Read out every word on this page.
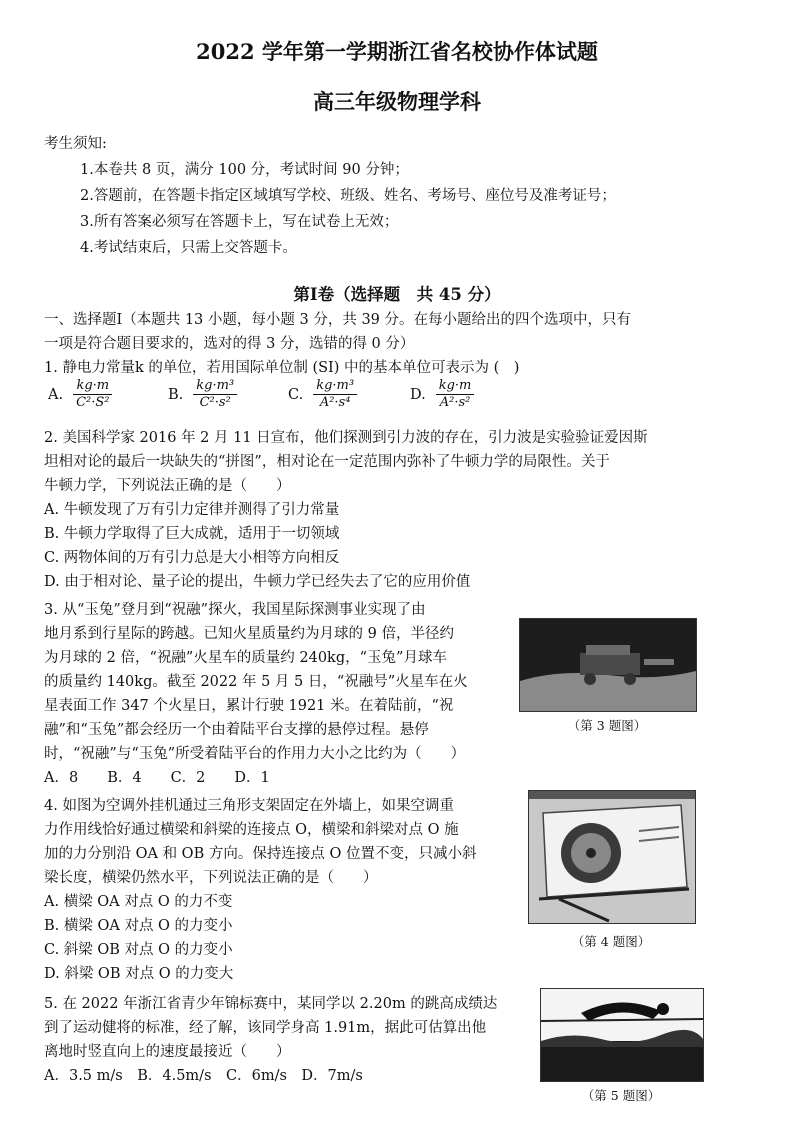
2022 学年第一学期浙江省名校协作体试题
高三年级物理学科
考生须知:
1.本卷共 8 页，满分 100 分，考试时间 90 分钟；
2.答题前，在答题卡指定区域填写学校、班级、姓名、考场号、座位号及准考证号；
3.所有答案必须写在答题卡上，写在试卷上无效；
4.考试结束后，只需上交答题卡。
第Ⅰ卷（选择题　共 45 分）
一、选择题Ⅰ（本题共 13 小题，每小题 3 分，共 39 分。在每小题给出的四个选项中，只有
一项是符合题目要求的，选对的得 3 分，选错的得 0 分）
1. 静电力常量k 的单位，若用国际单位制 (SI) 中的基本单位可表示为 (　)
A. $\frac{kg\cdot m}{\text{C²·S²}}$	B. $\frac{\text{kg·m³}}{\text{C²·s²}}$	C. $\frac{\text{kg·m³}}{\text{A²·s⁴}}$	D. $\frac{kg\cdot m}{\text{A²·s²}}$
2. 美国科学家 2016 年 2 月 11 日宣布，他们探测到引力波的存在，引力波是实验验证爱因斯
坦相对论的最后一块缺失的“拼图”，相对论在一定范围内弥补了牛顿力学的局限性。关于
牛顿力学，下列说法正确的是（　　）
A. 牛顿发现了万有引力定律并测得了引力常量
B. 牛顿力学取得了巨大成就，适用于一切领域
C. 两物体间的万有引力总是大小相等方向相反
D. 由于相对论、量子论的提出，牛顿力学已经失去了它的应用价值
3. 从“玉兔”登月到“祝融”探火，我国星际探测事业实现了由
地月系到行星际的跨越。已知火星质量约为月球的 9 倍，半径约
为月球的 2 倍，“祝融”火星车的质量约 240kg，“玉兔”月球车
的质量约 140kg。截至 2022 年 5 月 5 日，“祝融号”火星车在火
星表面工作 347 个火星日，累计行驶 1921 米。在着陆前，“祝
融”和“玉兔”都会经历一个由着陆平台支撑的悬停过程。悬停
时，“祝融”与“玉兔”所受着陆平台的作用力大小之比约为（　　）
A．8　　B．4　　C．2　　D．1
（第 3 题图）
4. 如图为空调外挂机通过三角形支架固定在外墙上，如果空调重
力作用线恰好通过横梁和斜梁的连接点 O，横梁和斜梁对点 O 施
加的力分别沿 OA 和 OB 方向。保持连接点 O 位置不变，只减小斜
梁长度，横梁仍然水平，下列说法正确的是（　　）
A. 横梁 OA 对点 O 的力不变
B. 横梁 OA 对点 O 的力变小
C. 斜梁 OB 对点 O 的力变小
D. 斜梁 OB 对点 O 的力变大
（第 4 题图）
5. 在 2022 年浙江省青少年锦标赛中，某同学以 2.20m 的跳高成绩达
到了运动健将的标准，经了解，该同学身高 1.91m，据此可估算出他
离地时竖直向上的速度最接近（　　）
A．3.5 m/s　B．4.5m/s　C．6m/s　D．7m/s
（第 5 题图）
